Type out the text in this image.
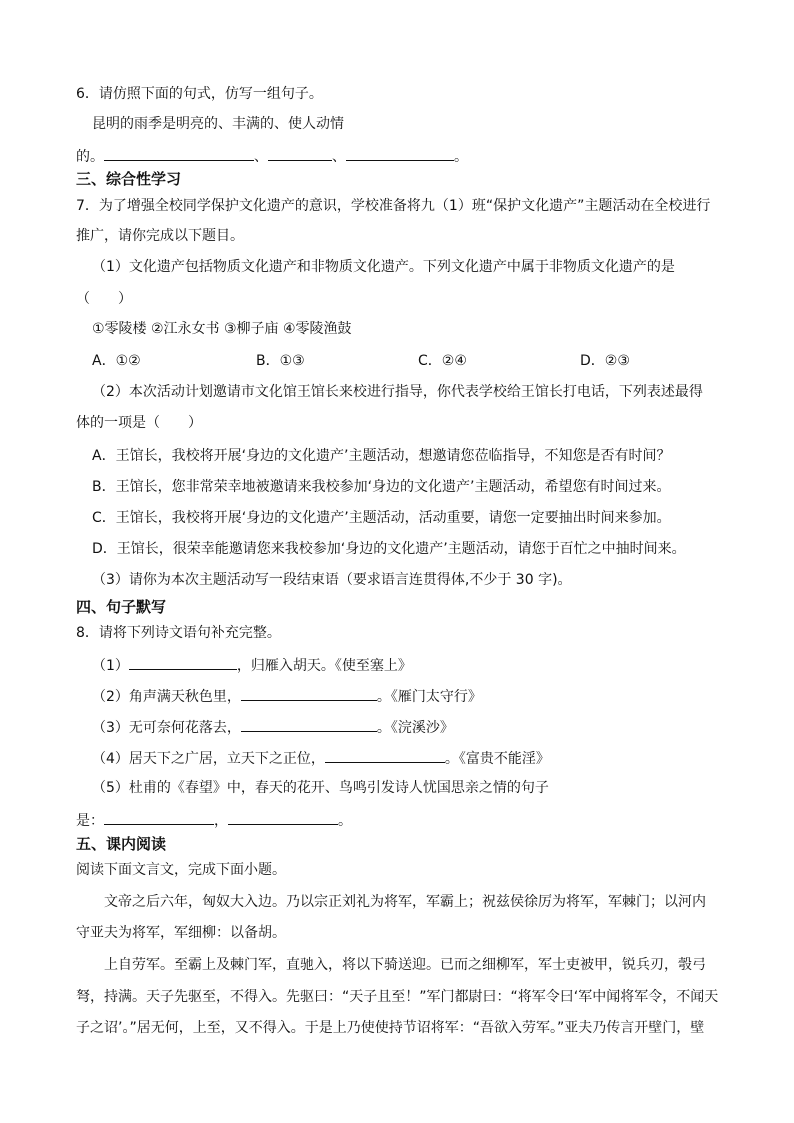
6．请仿照下面的句式，仿写一组句子。
昆明的雨季是明亮的、丰满的、使人动情
的。	、	、	。
三、综合性学习
7．为了增强全校同学保护文化遗产的意识，学校准备将九（1）班“保护文化遗产”主题活动在全校进行
推广，请你完成以下题目。
（1）文化遗产包括物质文化遗产和非物质文化遗产。下列文化遗产中属于非物质文化遗产的是
（　　）
①零陵楼 ②江永女书 ③柳子庙 ④零陵渔鼓
A．①②	B．①③	C．②④	D．②③
（2）本次活动计划邀请市文化馆王馆长来校进行指导，你代表学校给王馆长打电话，下列表述最得
体的一项是（　　）
A．王馆长，我校将开展‘身边的文化遗产’主题活动，想邀请您莅临指导，不知您是否有时间？
B．王馆长，您非常荣幸地被邀请来我校参加‘身边的文化遗产’主题活动，希望您有时间过来。
C．王馆长，我校将开展‘身边的文化遗产’主题活动，活动重要，请您一定要抽出时间来参加。
D．王馆长，很荣幸能邀请您来我校参加‘身边的文化遗产’主题活动，请您于百忙之中抽时间来。
（3）请你为本次主题活动写一段结束语（要求语言连贯得体,不少于 30 字)。
四、句子默写
8．请将下列诗文语句补充完整。
（1）	，归雁入胡天。《使至塞上》
（2）角声满天秋色里，	。《雁门太守行》
（3）无可奈何花落去，	。《浣溪沙》
（4）居天下之广居，立天下之正位，	。《富贵不能淫》
（5）杜甫的《春望》中，春天的花开、鸟鸣引发诗人忧国思亲之情的句子
是：	，	。
五、课内阅读
阅读下面文言文，完成下面小题。
文帝之后六年，匈奴大入边。乃以宗正刘礼为将军，军霸上；祝兹侯徐厉为将军，军棘门；以河内
守亚夫为将军，军细柳：以备胡。
上自劳军。至霸上及棘门军，直驰入，将以下骑送迎。已而之细柳军，军士吏被甲，锐兵刃，彀弓
弩，持满。天子先驱至，不得入。先驱曰：“天子且至！”军门都尉曰：“将军令曰‘军中闻将军令，不闻天
子之诏’。”居无何，上至，又不得入。于是上乃使使持节诏将军：“吾欲入劳军。”亚夫乃传言开壁门，壁
